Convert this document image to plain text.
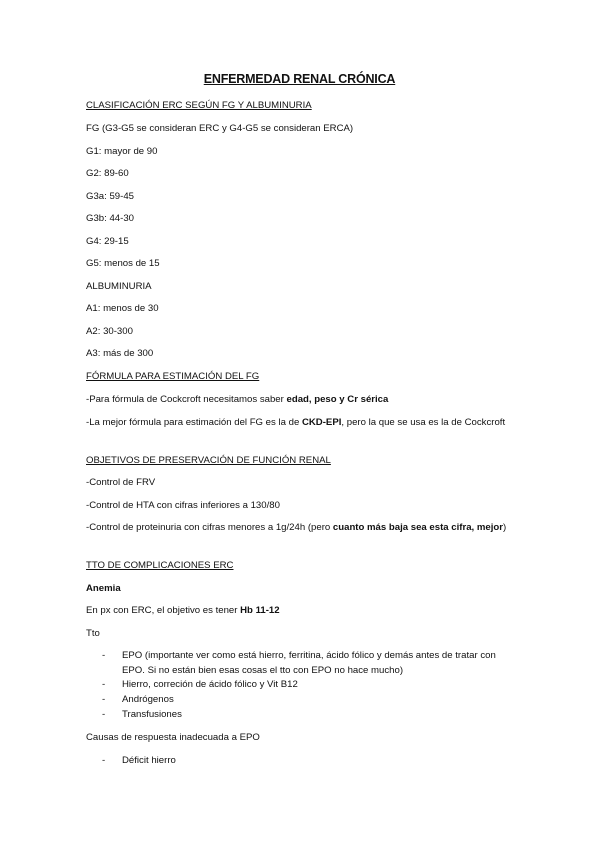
ENFERMEDAD RENAL CRÓNICA
CLASIFICACIÓN ERC SEGÚN FG Y ALBUMINURIA
FG (G3-G5 se consideran ERC y G4-G5 se consideran ERCA)
G1: mayor de 90
G2: 89-60
G3a: 59-45
G3b: 44-30
G4: 29-15
G5: menos de 15
ALBUMINURIA
A1: menos de 30
A2: 30-300
A3: más de 300
FÓRMULA PARA ESTIMACIÓN DEL FG
-Para fórmula de Cockcroft necesitamos saber edad, peso y Cr sérica
-La mejor fórmula para estimación del FG es la de CKD-EPI, pero la que se usa es la de Cockcroft
OBJETIVOS DE PRESERVACIÓN DE FUNCIÓN RENAL
-Control de FRV
-Control de HTA con cifras inferiores a 130/80
-Control de proteinuria con cifras menores a 1g/24h (pero cuanto más baja sea esta cifra, mejor)
TTO DE COMPLICACIONES ERC
Anemia
En px con ERC, el objetivo es tener Hb 11-12
Tto
- EPO (importante ver como está hierro, ferritina, ácido fólico y demás antes de tratar con EPO. Si no están bien esas cosas el tto con EPO no hace mucho)
- Hierro, correción de ácido fólico y Vit B12
- Andrógenos
- Transfusiones
Causas de respuesta inadecuada a EPO
- Déficit hierro
